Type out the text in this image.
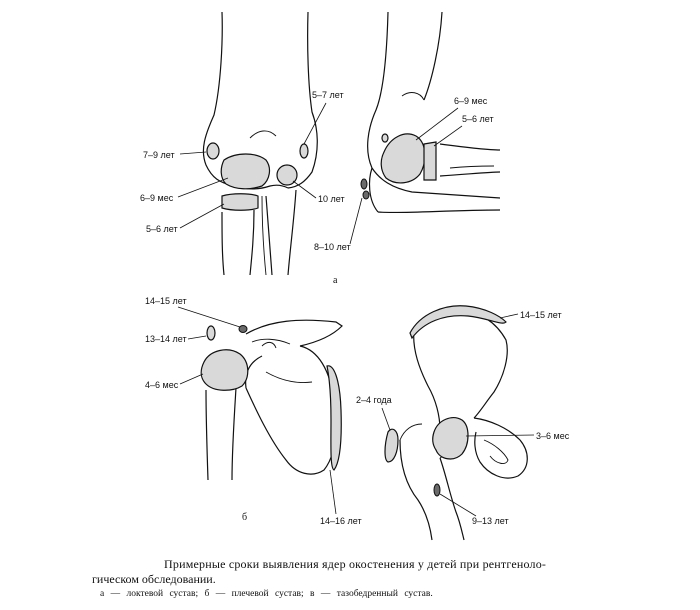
5–7 лет
7–9 лет
6–9 мес	10 лет
5–6 лет
6–9 мес
5–6 лет
8–10 лет
а
14–15 лет
13–14 лет
4–6 мес
14–16 лет
б
14–15 лет
2–4 года
3–6 мес
9–13 лет
Примерные сроки выявления ядер окостенения у детей при рентгеноло-
гическом обследовании.
а — локтевой сустав; б — плечевой сустав; в — тазобедренный сустав.
